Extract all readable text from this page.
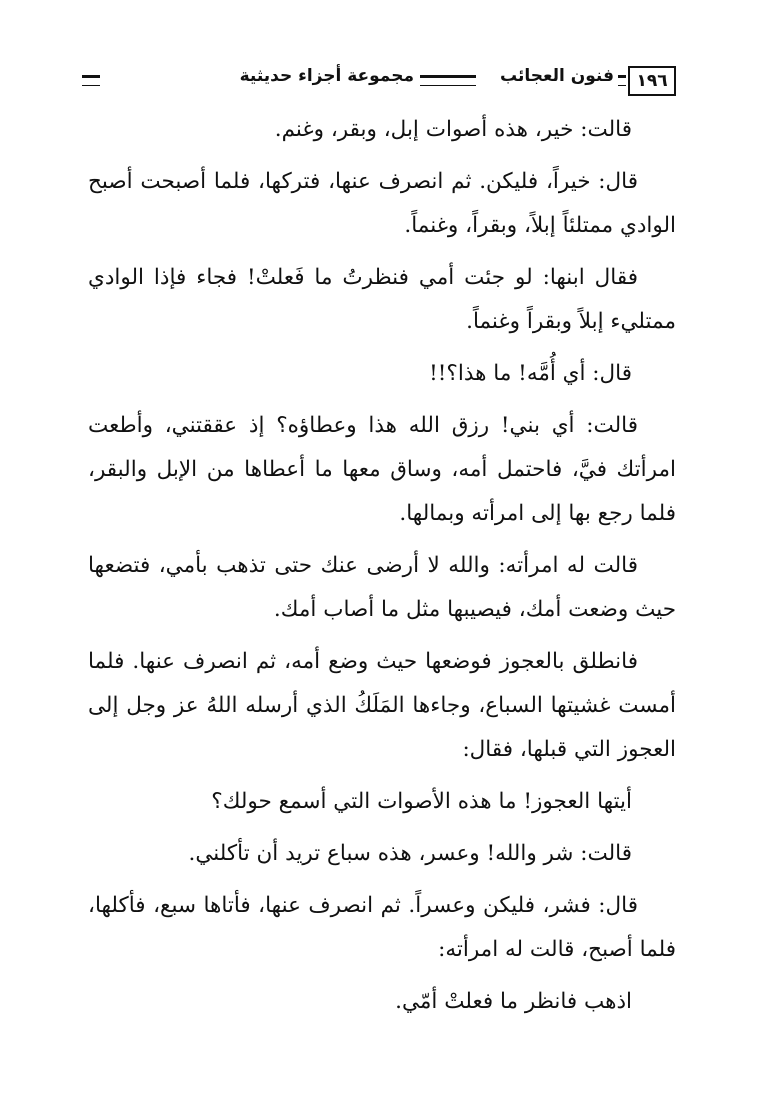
١٩٦
فنون العجائب
مجموعة أجزاء حديثية

قالت: خير، هذه أصوات إبل، وبقر، وغنم.

قال: خيراً، فليكن. ثم انصرف عنها، فتركها، فلما أصبحت أصبح الوادي ممتلئاً إبلاً، وبقراً، وغنماً.

فقال ابنها: لو جئت أمي فنظرتُ ما فَعلتْ! فجاء فإذا الوادي ممتليء إبلاً وبقراً وغنماً.

قال: أي أُمَّه! ما هذا؟!!

قالت: أي بني! رزق الله هذا وعطاؤه؟ إذ عققتني، وأطعت امرأتك فيَّ، فاحتمل أمه، وساق معها ما أعطاها من الإبل والبقر، فلما رجع بها إلى امرأته وبمالها.

قالت له امرأته: والله لا أرضى عنك حتى تذهب بأمي، فتضعها حيث وضعت أمك، فيصيبها مثل ما أصاب أمك.

فانطلق بالعجوز فوضعها حيث وضع أمه، ثم انصرف عنها. فلما أمست غشيتها السباع، وجاءها المَلَكُ الذي أرسله اللهُ عز وجل إلى العجوز التي قبلها، فقال:

أيتها العجوز! ما هذه الأصوات التي أسمع حولك؟

قالت: شر والله! وعسر، هذه سباع تريد أن تأكلني.

قال: فشر، فليكن وعسراً. ثم انصرف عنها، فأتاها سبع، فأكلها، فلما أصبح، قالت له امرأته:

اذهب فانظر ما فعلتْ أمّي.
